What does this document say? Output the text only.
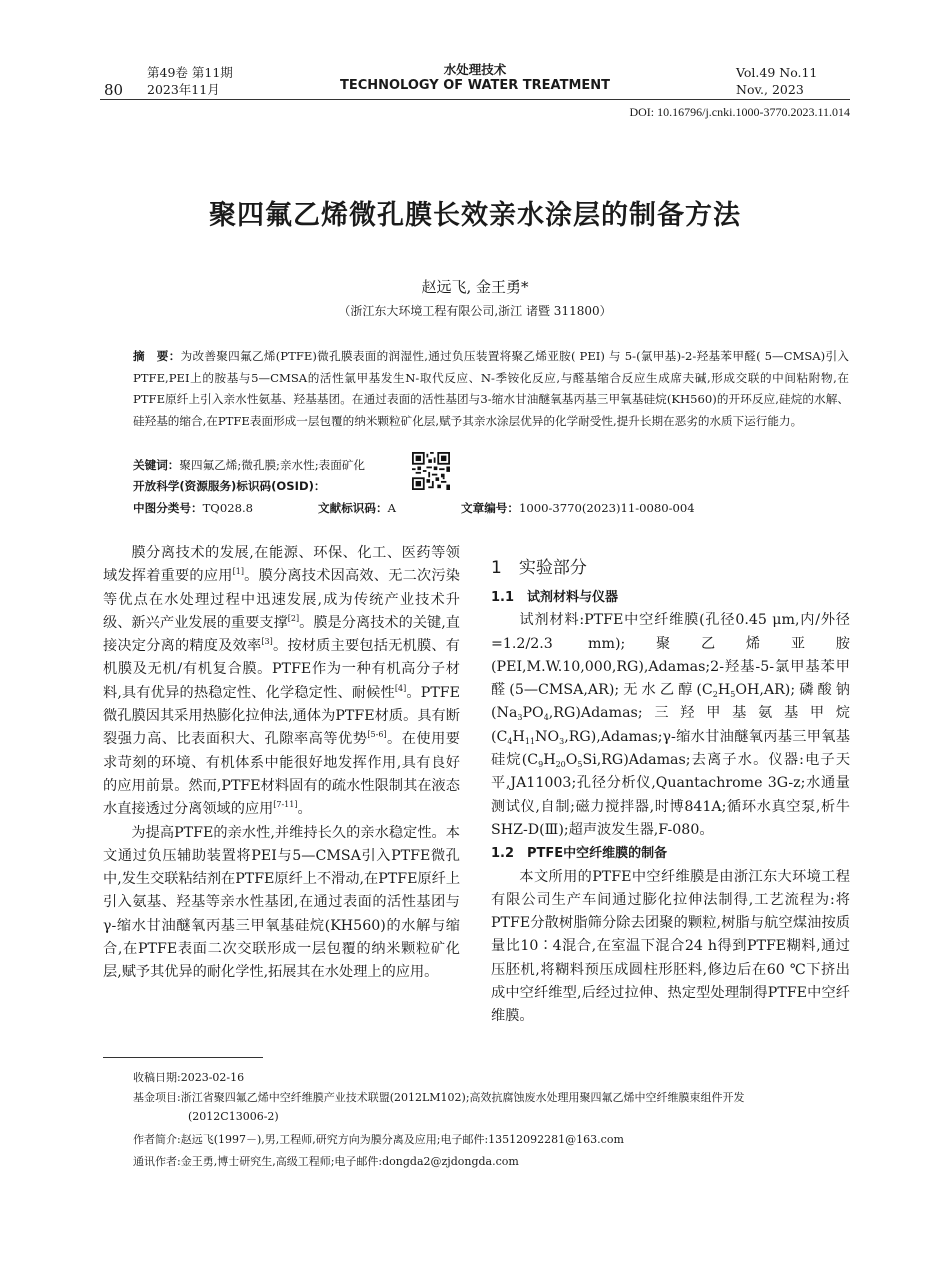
第49卷 第11期
2023年11月
80
水处理技术
TECHNOLOGY OF WATER TREATMENT
Vol.49 No.11
Nov., 2023
DOI: 10.16796/j.cnki.1000-3770.2023.11.014
聚四氟乙烯微孔膜长效亲水涂层的制备方法
赵远飞, 金王勇*
（浙江东大环境工程有限公司,浙江 诸暨 311800）
摘　要：为改善聚四氟乙烯(PTFE)微孔膜表面的润湿性,通过负压装置将聚乙烯亚胺( PEI) 与 5-(氯甲基)-2-羟基苯甲醛( 5—CMSA)引入PTFE,PEI上的胺基与5—CMSA的活性氯甲基发生N-取代反应、N-季铵化反应,与醛基缩合反应生成席夫碱,形成交联的中间粘附物,在PTFE原纤上引入亲水性氨基、羟基基团。在通过表面的活性基团与3-缩水甘油醚氧基丙基三甲氧基硅烷(KH560)的开环反应,硅烷的水解、硅羟基的缩合,在PTFE表面形成一层包覆的纳米颗粒矿化层,赋予其亲水涂层优异的化学耐受性,提升长期在恶劣的水质下运行能力。
关键词：聚四氟乙烯;微孔膜;亲水性;表面矿化
开放科学(资源服务)标识码(OSID)：
中图分类号：TQ028.8	文献标识码：A	文章编号：1000-3770(2023)11-0080-004

膜分离技术的发展,在能源、环保、化工、医药等领域发挥着重要的应用[1]。膜分离技术因高效、无二次污染等优点在水处理过程中迅速发展,成为传统产业技术升级、新兴产业发展的重要支撑[2]。膜是分离技术的关键,直接决定分离的精度及效率[3]。按材质主要包括无机膜、有机膜及无机/有机复合膜。PTFE作为一种有机高分子材料,具有优异的热稳定性、化学稳定性、耐候性[4]。PTFE微孔膜因其采用热膨化拉伸法,通体为PTFE材质。具有断裂强力高、比表面积大、孔隙率高等优势[5-6]。在使用要求苛刻的环境、有机体系中能很好地发挥作用,具有良好的应用前景。然而,PTFE材料固有的疏水性限制其在液态水直接透过分离领域的应用[7-11]。

为提高PTFE的亲水性,并维持长久的亲水稳定性。本文通过负压辅助装置将PEI与5—CMSA引入PTFE微孔中,发生交联粘结剂在PTFE原纤上不滑动,在PTFE原纤上引入氨基、羟基等亲水性基团,在通过表面的活性基团与γ-缩水甘油醚氧丙基三甲氧基硅烷(KH560)的水解与缩合,在PTFE表面二次交联形成一层包覆的纳米颗粒矿化层,赋予其优异的耐化学性,拓展其在水处理上的应用。

1　实验部分

1.1　试剂材料与仪器

试剂材料:PTFE中空纤维膜(孔径0.45 μm,内/外径=1.2/2.3 mm);聚乙烯亚胺(PEI,M.W.10,000,RG),Adamas;2-羟基-5-氯甲基苯甲醛(5—CMSA,AR);无水乙醇$(C_2H_5OH,AR)$;磷酸钠$(Na_3PO_4,RG)Adamas$;三羟甲基氨基甲烷$(C_4H_{11}NO_3,RG),Adamas;\gamma-$缩水甘油醚氧丙基三甲氧基硅烷$(C_9H_{20}O_5Si,RG)Adamas$;去离子水。仪器:电子天平,JA11003;孔径分析仪,Quantachrome 3G-z;水通量测试仪,自制;磁力搅拌器,时博841A;循环水真空泵,析牛SHZ-D(Ⅲ);超声波发生器,F-080。

1.2　PTFE中空纤维膜的制备

本文所用的PTFE中空纤维膜是由浙江东大环境工程有限公司生产车间通过膨化拉伸法制得,工艺流程为:将PTFE分散树脂筛分除去团聚的颗粒,树脂与航空煤油按质量比10∶4混合,在室温下混合24 h得到PTFE糊料,通过压胚机,将糊料预压成圆柱形胚料,修边后在60 ℃下挤出成中空纤维型,后经过拉伸、热定型处理制得PTFE中空纤维膜。

收稿日期:2023-02-16
基金项目:浙江省聚四氟乙烯中空纤维膜产业技术联盟(2012LM102);高效抗腐蚀废水处理用聚四氟乙烯中空纤维膜束组件开发
(2012C13006-2)
作者简介:赵远飞(1997－),男,工程师,研究方向为膜分离及应用;电子邮件:13512092281@163.com
通讯作者:金王勇,博士研究生,高级工程师;电子邮件:dongda2@zjdongda.com
